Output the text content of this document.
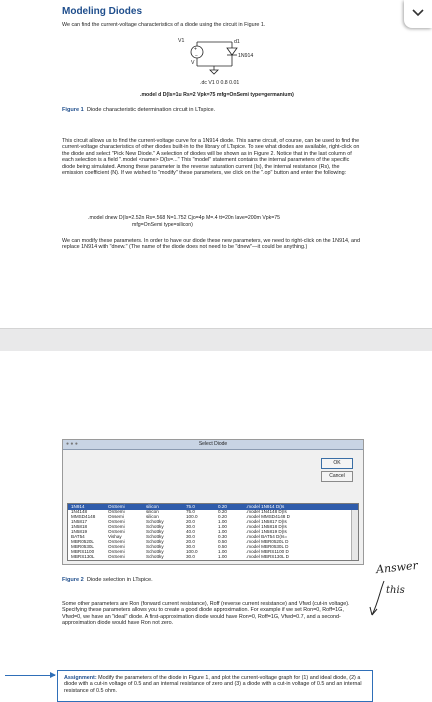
Modeling Diodes
We can find the current-voltage characteristics of a diode using the circuit in Figure 1.
+
−
V1	d1
1N914
V
.dc V1 0 0.8 0.01
.model d D(Is=1u Rs=2 Vpk=75 mfg=OnSemi type=germanium)
Figure 1 Diode characteristic determination circuit in LTspice.
This circuit allows us to find the current-voltage curve for a 1N914 diode. This same circuit, of course, can be used to find the current-voltage characteristics of other diodes built-in to the library of LTspice. To see what diodes are available, right-click on the diode and select "Pick New Diode." A selection of diodes will be shown as in Figure 2. Notice that in the last column of each selection is a field ".model <name> D(Is=..." This "model" statement contains the internal parameters of the specific diode being simulated. Among these parameter is the reverse saturation current (Is), the internal resistance (Rs), the emission coefficient (N). If we wished to "modify" these parameters, we click on the ".op" button and enter the following:
.model dnew D(Is=2.52n Rs=.568 N=1.752 Cjo=4p M=.4 tt=20n Iave=200m Vpk=75
mfg=OnSemi type=silicon)
We can modify these parameters. In order to have our diode these new parameters, we need to right-click on the 1N914, and replace 1N914 with "dnew." (The name of the diode does not need to be "dnew"—it could be anything.)
Select Diode
● ● ●
OK
Cancel
1N914	OnSemi	silicon	75.0	0.20	.model 1N914 D(Is
1N4148	OnSemi	silicon	75.0	0.20	.model 1N4148 D(Is
MMSD4148	Onsemi	silicon	100.0	0.20	.model MMSD4148 D
1N5817	OnSemi	Schottky	20.0	1.00	.model 1N5817 D(Is
1N5818	OnSemi	Schottky	30.0	1.00	.model 1N5818 D(Is
1N5819	OnSemi	Schottky	40.0	1.00	.model 1N5819 D(Is
BAT54	Vishay	Schottky	30.0	0.30	.model BAT54 D(Is=
MBR0520L	OnSemi	Schottky	20.0	0.50	.model MBR0520L D
MBR0530L	OnSemi	Schottky	30.0	0.50	.model MBR0530L D
MBRS1100	OnSemi	Schottky	100.0	1.00	.model MBRS1100 D
MBRS130L	OnSemi	Schottky	30.0	1.00	.model MBRS130L D
Figure 2 Diode selection in LTspice.
Some other parameters are Ron (forward current resistance), Roff (reverse current resistance) and Vfwd (cut-in voltage). Specifying these parameters allows you to create a good diode approximation. For example if we set Ron=0, Roff=1G, Vfwd=0, we have an "ideal" diode. A first-approximation diode would have Ron=0, Roff=1G, Vfwd=0.7, and a second-approximation diode would have Ron not zero.
Answer
this
Assignment: Modify the parameters of the diode in Figure 1, and plot the current-voltage graph for (1) and ideal diode, (2) a diode with a cut-in voltage of 0.5 and an internal resistance of zero and (3) a diode with a cut-in voltage of 0.5 and an internal resistance of 0.5 ohm.
